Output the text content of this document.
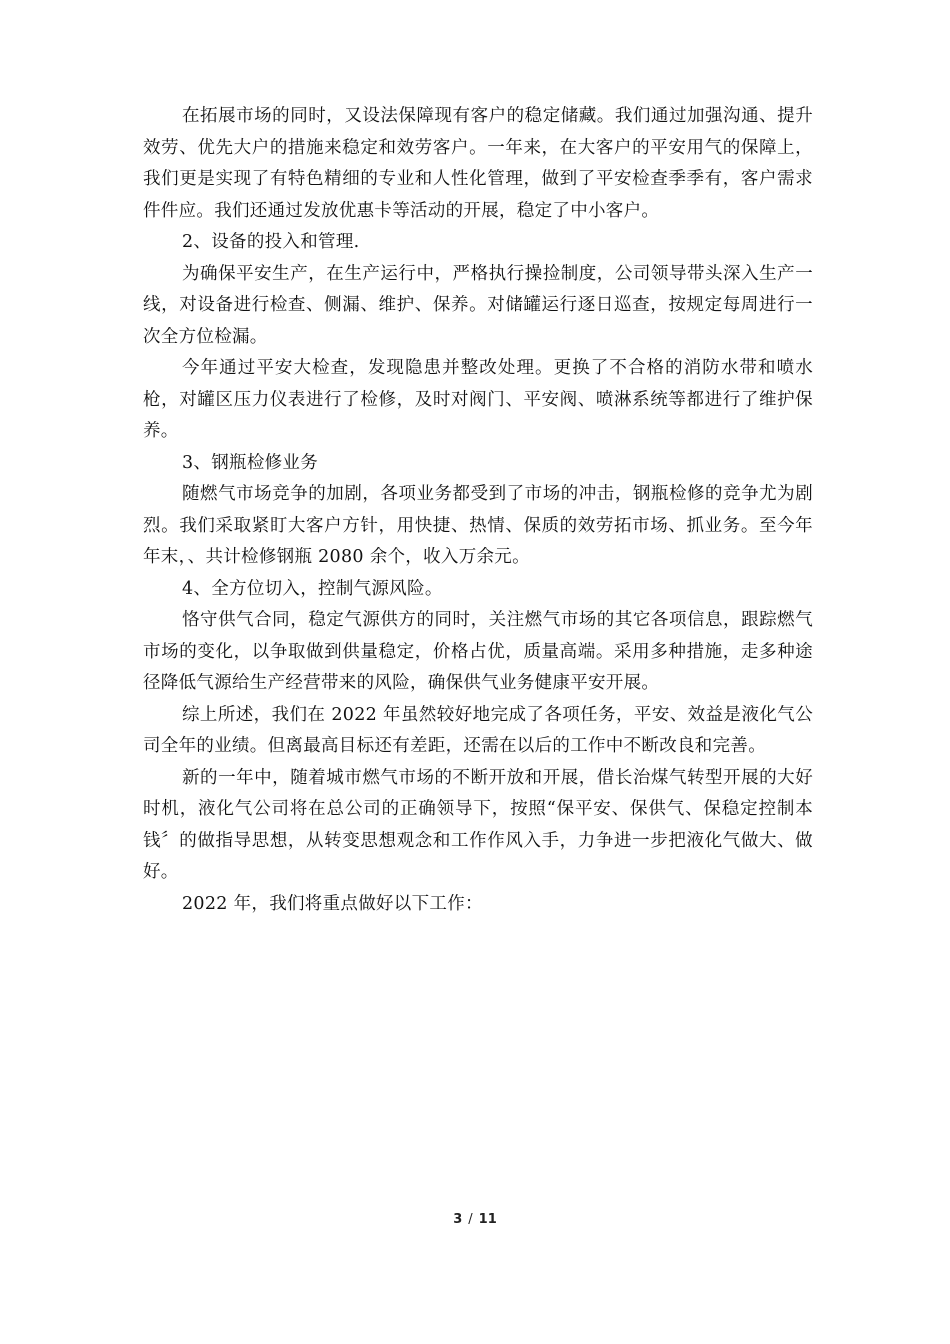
在拓展市场的同时，又设法保障现有客户的稳定储藏。我们通过加强沟通、提升效劳、优先大户的措施来稳定和效劳客户。一年来，在大客户的平安用气的保障上，我们更是实现了有特色精细的专业和人性化管理，做到了平安检查季季有，客户需求件件应。我们还通过发放优惠卡等活动的开展，稳定了中小客户。

2、设备的投入和管理.

为确保平安生产，在生产运行中，严格执行操捡制度，公司领导带头深入生产一线，对设备进行检查、侧漏、维护、保养。对储罐运行逐日巡查，按规定每周进行一次全方位检漏。

今年通过平安大检查，发现隐患并整改处理。更换了不合格的消防水带和喷水枪，对罐区压力仪表进行了检修，及时对阀门、平安阀、喷淋系统等都进行了维护保养。

3、钢瓶检修业务

随燃气市场竞争的加剧，各项业务都受到了市场的冲击，钢瓶检修的竞争尤为剧烈。我们采取紧盯大客户方针，用快捷、热情、保质的效劳拓市场、抓业务。至今年年末，、共计检修钢瓶 2080 余个，收入万余元。

4、全方位切入，控制气源风险。

恪守供气合同，稳定气源供方的同时，关注燃气市场的其它各项信息，跟踪燃气市场的变化，以争取做到供量稳定，价格占优，质量高端。采用多种措施，走多种途径降低气源给生产经营带来的风险，确保供气业务健康平安开展。

综上所述，我们在 2022 年虽然较好地完成了各项任务，平安、效益是液化气公司全年的业绩。但离最高目标还有差距，还需在以后的工作中不断改良和完善。

新的一年中，随着城市燃气市场的不断开放和开展，借长治煤气转型开展的大好时机，液化气公司将在总公司的正确领导下，按照“保平安、保供气、保稳定控制本钱〞的做指导思想，从转变思想观念和工作作风入手，力争进一步把液化气做大、做好。

2022 年，我们将重点做好以下工作：

3 / 11
